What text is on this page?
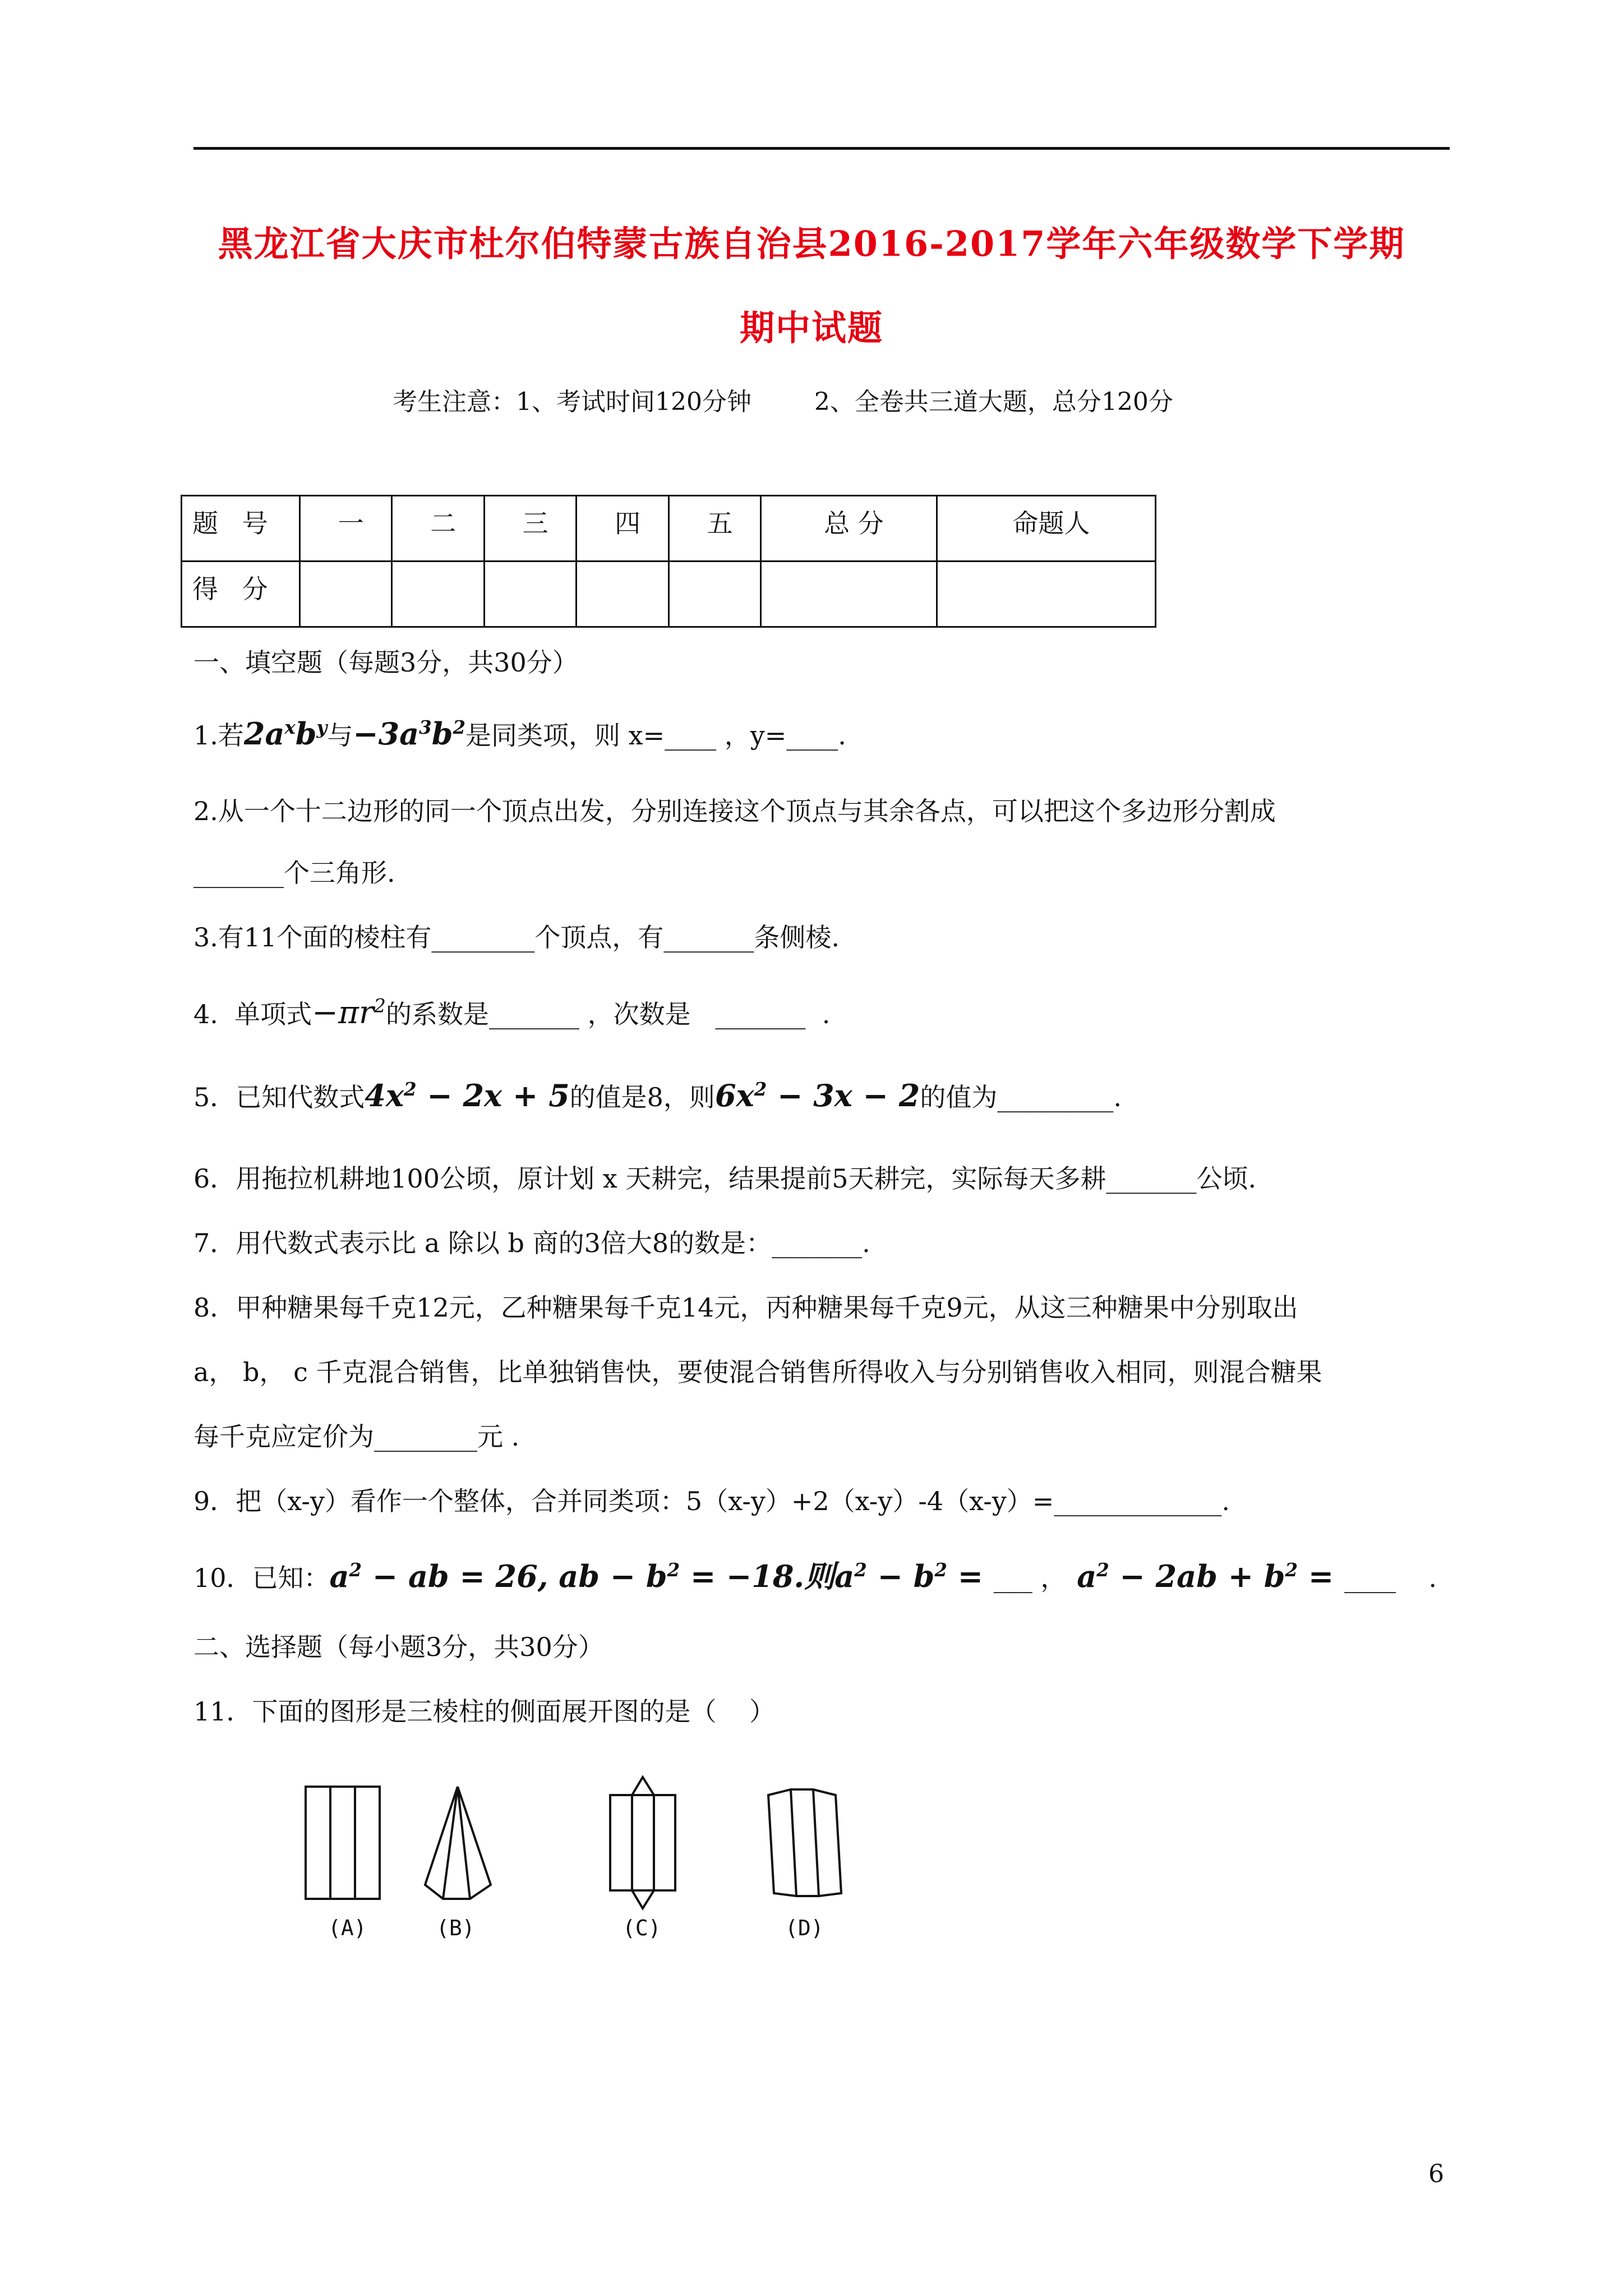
黑龙江省大庆市杜尔伯特蒙古族自治县2016-2017学年六年级数学下学期
期中试题
考生注意：1、考试时间120分钟        2、全卷共三道大题，总分120分
题 号	一	二	三	四	五	总 分	命题人
得 分							
一、填空题（每题3分，共30分）
1.若$2a^xb^y$与$-3a^3b^2$是同类项，则 x=____ ，y=____.
2.从一个十二边形的同一个顶点出发，分别连接这个顶点与其余各点，可以把这个多边形分割成
_______个三角形.
3.有11个面的棱柱有________个顶点，有_______条侧棱.
4.  单项式$-\pi r^2$的系数是_______ ，次数是   _______  .
5．已知代数式$4x^2 - 2x + 5$的值是8，则$6x^2 - 3x - 2$的值为_________.
6．用拖拉机耕地100公顷，原计划 x 天耕完，结果提前5天耕完，实际每天多耕_______公顷.
7．用代数式表示比 a 除以 b 商的3倍大8的数是：_______.
8．甲种糖果每千克12元，乙种糖果每千克14元，丙种糖果每千克9元，从这三种糖果中分别取出
a， b， c 千克混合销售，比单独销售快，要使混合销售所得收入与分别销售收入相同，则混合糖果
每千克应定价为________元 .
9．把（x-y）看作一个整体，合并同类项：5（x-y）+2（x-y）-4（x-y）=_____________.
10．已知：$a^2$ − ab = 26, ab − $b^2 = -18$.则$a^2 - b^2$ = ___ ， $a^2 - 2ab + b^2$ = ____    .
二、选择题（每小题3分，共30分）
11．下面的图形是三棱柱的侧面展开图的是（    ）
(A)	(B)	(C)	(D)
6
